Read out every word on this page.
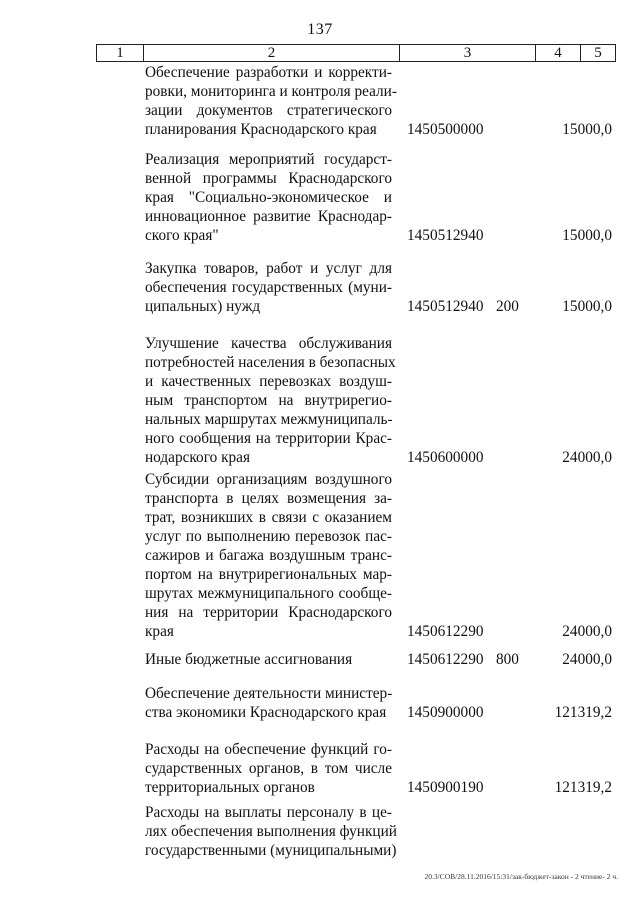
137
1	2	3	4	5
Обеспечение разработки и корректи-
ровки, мониторинга и контроля реали-
зации документов стратегического
планирования Краснодарского края	1450500000	15000,0
Реализация мероприятий государст-
венной программы Краснодарского
края "Социально-экономическое и
инновационное развитие Краснодар-
ского края"	1450512940	15000,0
Закупка товаров, работ и услуг для
обеспечения государственных (муни-
ципальных) нужд	1450512940 200	15000,0
Улучшение качества обслуживания
потребностей населения в безопасных
и качественных перевозках воздуш-
ным транспортом на внутрирегио-
нальных маршрутах межмуниципаль-
ного сообщения на территории Крас-
нодарского края	1450600000	24000,0
Субсидии организациям воздушного
транспорта в целях возмещения за-
трат, возникших в связи с оказанием
услуг по выполнению перевозок пас-
сажиров и багажа воздушным транс-
портом на внутрирегиональных мар-
шрутах межмуниципального сообще-
ния на территории Краснодарского
края	1450612290	24000,0
Иные бюджетные ассигнования	1450612290 800	24000,0
Обеспечение деятельности министер-
ства экономики Краснодарского края	1450900000	121319,2
Расходы на обеспечение функций го-
сударственных органов, в том числе
территориальных органов	1450900190	121319,2
Расходы на выплаты персоналу в це-
лях обеспечения выполнения функций
государственными (муниципальными)
20.3/СОВ/28.11.2016/15:31/зак-бюджет-закон - 2 чтение- 2 ч.
